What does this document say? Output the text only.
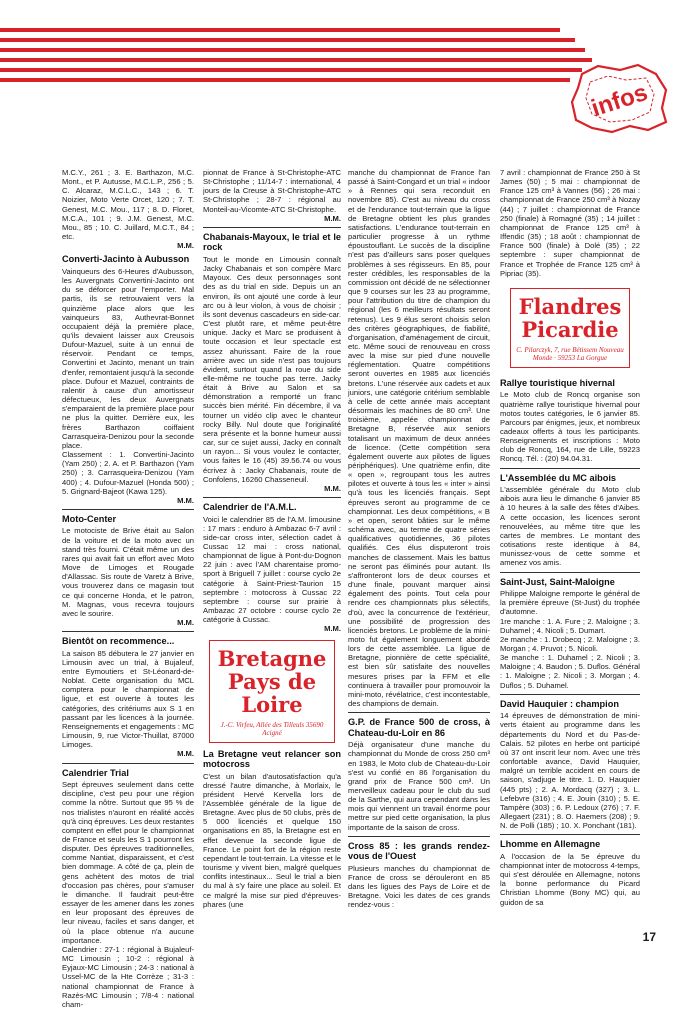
infos

M.C.Y., 261 ; 3. E. Barthazon, M.C. Mont., et P. Autusse, M.C.L.P., 256 ; 5. C. Alcaraz, M.C.L.C., 143 ; 6. T. Noizier, Moto Verte Orcet, 120 ; 7. T. Genest, M.C. Mou., 117 ; 8. D. Floret, M.C.A., 101 ; 9. J.M. Genest, M.C. Mou., 85 ; 10. C. Juillard, M.C.T., 84 ; etc.

M.M.
Converti-Jacinto à Aubusson

Vainqueurs des 6-Heures d'Aubusson, les Auvergnats Convertini-Jacinto ont du se déforcer pour l'emporter. Mal partis, ils se retrouvaient vers la quinzième place alors que les vainqueurs 83, Authevrat-Bonnet occupaient déjà la première place, qu'ils devaient laisser aux Creusois Dufour-Mazuel, suite à un ennui de réservoir. Pendant ce temps, Convertini et Jacinto, menant un train d'enfer, remontaient jusqu'à la seconde place. Dufour et Mazuel, contraints de ralentir à cause d'un amortisseur défectueux, les deux Auvergnats s'emparaient de la première place pour ne plus la quitter. Derrière eux, les frères Barthazon coiffaient Carrasqueira-Denizou pour la seconde place.

Classement : 1. Convertini-Jacinto (Yam 250) ; 2. A. et P. Barthazon (Yam 250) ; 3. Carrasqueira-Denizou (Yam 400) ; 4. Dufour-Mazuel (Honda 500) ; 5. Grignard-Bajeot (Kawa 125).

M.M.
Moto-Center

Le motociste de Brive était au Salon de la voiture et de la moto avec un stand très fourni. C'était même un des rares qui avait fait un effort avec Moto Move de Limoges et Rougade d'Allassac. Sis route de Varetz à Brive, vous trouverez dans ce magasin tout ce qui concerne Honda, et le patron, M. Magnas, vous recevra toujours avec le sourire.

M.M.
Bientôt on recommence...

La saison 85 débutera le 27 janvier en Limousin avec un trial, à Bujaleuf, entre Eymoutiers et St-Léonard-de-Noblat. Cette organisation du MCL comptera pour le championnat de ligue, et est ouverte à toutes les catégories, des critériums aux S 1 en passant par les licences à la journée. Renseignements et engagements : MC Limousin, 9, rue Victor-Thuillat, 87000 Limoges.

M.M.
Calendrier Trial

Sept épreuves seulement dans cette discipline, c'est peu pour une région comme la nôtre. Surtout que 95 % de nos trialistes n'auront en réalité accès qu'à cinq épreuves. Les deux restantes comptent en effet pour le championnat de France et seuls les S 1 pourront les disputer. Des épreuves traditionnelles, comme Nantiat, disparaissent, et c'est bien dommage. A côté de ça, plein de gens achètent des motos de trial d'occasion pas chères, pour s'amuser le dimanche. Il faudrait peut-être essayer de les amener dans les zones en leur proposant des épreuves de leur niveau, faciles et sans danger, et où la place obtenue n'a aucune importance.

Calendrier : 27-1 : régional à Bujaleuf-MC Limousin ; 10-2 : régional à Eyjaux-MC Limousin ; 24-3 : national à Ussel-MC de la Hte Corrèze ; 31-3 : national championnat de France à Razès-MC Limousin ; 7/8-4 : national cham-

pionnat de France à St-Christophe-ATC St-Christophe ; 11/14-7 : international, 4 jours de la Creuse à St-Christophe-ATC St-Christophe ; 28-7 : régional au Monteil-au-Vicomte-ATC St-Christophe.

M.M.
Chabanais-Mayoux, le trial et le rock

Tout le monde en Limousin connaît Jacky Chabanais et son compère Marc Mayoux. Ces deux personnages sont des as du trial en side. Depuis un an environ, ils ont ajouté une corde à leur arc ou à leur violon, à vous de choisir ; ils sont devenus cascadeurs en side-car. C'est plutôt rare, et même peut-être unique. Jacky et Marc se produisent à toute occasion et leur spectacle est assez ahurissant. Faire de la roue arrière avec un side n'est pas toujours évident, surtout quand la roue du side elle-même ne touche pas terre. Jacky était à Brive au Salon et sa démonstration a remporté un franc succès bien mérité. Fin décembre, il va tourner un vidéo clip avec le chanteur rocky Billy. Nul doute que l'originalité sera présente et la bonne humeur aussi car, sur ce sujet aussi, Jacky en connaît un rayon... Si vous voulez le contacter, vous faites le 16 (45) 39.56.74 ou vous écrivez à : Jacky Chabanais, route de Confolens, 16260 Chasseneuil.

M.M.
Calendrier de l'A.M.L.

Voici le calendrier 85 de l'A.M. limousine : 17 mars : enduro à Ambazac 6-7 avril : side-car cross inter, sélection cadet à Cussac 12 mai : cross national, championnat de ligue à Pont-du-Dognon 22 juin : avec l'AM charentaise promo-sport à Briguell 7 juillet : course cycło 2e catégorie à Saint-Priest-Taurion 15 septembre : motocross à Cussac 22 septembre : course sur prairie à Ambazac 27 octobre : course cyclo 2e catégorie à Cussac.

M.M.
Bretagne Pays de Loire
J.-C. Virfeu, Allée des Tilleuls 35690 Acigné
La Bretagne veut relancer son motocross

C'est un bilan d'autosatisfaction qu'a dressé l'autre dimanche, à Morlaix, le président Hervé Kervella lors de l'Assemblée générale de la ligue de Bretagne. Avec plus de 50 clubs, près de 5 000 licenciés et quelque 150 organisations en 85, la Bretagne est en effet devenue la seconde ligue de France. Le point fort de la région reste cependant le tout-terrain. La vitesse et le tourisme y vivent bien, malgré quelques conflits intestinaux... Seul le trial a bien du mal à s'y faire une place au soleil. Et ce malgré la mise sur pied d'épreuves-phares (une

manche du championnat de France l'an passé à Saint-Congard et un trial « indoor » à Rennes qui sera reconduit en novembre 85). C'est au niveau du cross et de l'endurance tout-terrain que la ligue de Bretagne obtient les plus grandes satisfactions. L'endurance tout-terrain en particulier progresse à un rythme époustouflant. Le succès de la discipline n'est pas d'ailleurs sans poser quelques problèmes à ses régisseurs. En 85, pour rester crédibles, les responsables de la commission ont décidé de ne sélectionner que 9 courses sur les 23 au programme, pour l'attribution du titre de champion du régional (les 6 meilleurs résultats seront retenus). Les 9 élus seront choisis selon des critères géographiques, de fiabilité, d'organisation, d'aménagement de circuit, etc. Même souci de renouveau en cross avec la mise sur pied d'une nouvelle réglementation. Quatre compétitions seront ouvertes en 1985 aux licenciés bretons. L'une réservée aux cadets et aux juniors, une catégorie critérium semblable à celle de cette année mais acceptant désormais les machines de 80 cm³. Une troisième, appelée championnat de Bretagne B, réservée aux seniors totalisant un maximum de deux années de licence. (Cette compétition sera également ouverte aux pilotes de ligues périphériques). Une quatrième enfin, dite « open », regroupant tous les autres pilotes et ouverte à tous les « inter » ainsi qu'à tous les licenciés français. Sept épreuves seront au programme de ce championnat. Les deux compétitions, « B » et open, seront bâties sur le même schéma avec, au terme de quatre séries qualificatives quotidiennes, 36 pilotes qualifiés. Ces élus disputeront trois manches de classement. Mais les battus ne seront pas éliminés pour autant. Ils s'affronteront lors de deux courses et d'une finale, pouvant marquer ainsi également des points. Tout cela pour rendre ces championnats plus sélectifs, d'où, avec la concurrence de l'extérieur, une possibilité de progression des licenciés bretons. Le problème de la mini-moto fut également longuement abordé lors de cette assemblée. La ligue de Bretagne, pionnière de cette spécialité, est bien sûr satisfaite des nouvelles mesures prises par la FFM et elle continuera à travailler pour promouvoir la mini-moto, révélatrice, c'est incontestable, des champions de demain.

G.P. de France 500 de cross, à Chateau-du-Loir en 86

Déjà organisateur d'une manche du championnat du Monde de cross 250 cm³ en 1983, le Moto club de Chateau-du-Loir s'est vu confié en 86 l'organisation du grand prix de France 500 cm³. Un merveilleux cadeau pour le club du sud de la Sarthe, qui aura cependant dans les mois qui viennent un travail énorme pour mettre sur pied cette organisation, la plus importante de la saison de cross.

Cross 85 : les grands rendez-vous de l'Ouest

Plusieurs manches du championnat de France de cross se dérouleront en 85 dans les ligues des Pays de Loire et de Bretagne. Voici les dates de ces grands rendez-vous :

7 avril : championnat de France 250 à St James (50) ; 5 mai : championnat de France 125 cm³ à Vannes (56) ; 26 mai : championnat de France 250 cm³ à Nozay (44) ; 7 juillet : championnat de France 250 (finale) à Romagné (35) ; 14 juillet : championnat de France 125 cm³ à Iffendic (35) ; 18 août : championnat de France 500 (finale) à Dolé (35) ; 22 septembre : super championnat de France et Trophée de France 125 cm³ à Pipriac (35).

Flandres Picardie
C. Pilarczyk, 7, rue Bétissem Nouveau Monde · 59253 La Gorgue
Rallye touristique hivernal

Le Moto club de Roncq organise son quatrième rallye touristique hivernal pour motos toutes catégories, le 6 janvier 85. Parcours par énigmes, jeux, et nombreux cadeaux offerts à tous les participants. Renseignements et inscriptions : Moto club de Roncq, 164, rue de Lille, 59223 Roncq. Tél. : (20) 94.04.31.

L'Assemblée du MC aibois

L'assemblée générale du Moto club aibois aura lieu le dimanche 6 janvier 85 à 10 heures à la salle des fêtes d'Aibes. A cette occasion, les licences seront renouvelées, au même titre que les cartes de membres. Le montant des cotisations reste identique à 84, munissez-vous de cette somme et amenez vos amis.

Saint-Just, Saint-Maloigne

Philippe Maloigne remporte le général de la première épreuve (St-Just) du trophée d'automne.

1re manche : 1. A. Fure ; 2. Maloigne ; 3. Duhamel ; 4. Nicoli ; 5. Dumart.

2e manche : 1. Drobecq ; 2. Maloigne ; 3. Morgan ; 4. Pruvot ; 5. Nicoli.

3e manche : 1. Duhamel ; 2. Nicoli ; 3. Maloigne ; 4. Baudon ; 5. Duflos. Général : 1. Maloigne ; 2. Nicoli ; 3. Morgan ; 4. Duflos ; 5. Duhamel.

David Hauquier : champion

14 épreuves de démonstration de mini-verts étaient au programme dans les départements du Nord et du Pas-de-Calais. 52 pilotes en herbe ont participé où 37 ont inscrit leur nom. Avec une très confortable avance, David Hauquier, malgré un terrible accident en cours de saison, s'adjuge le titre. 1. D. Hauquier (445 pts) ; 2. A. Mordacq (327) ; 3. L. Lefebvre (316) ; 4. E. Jouin (310) ; 5. E. Tampère (303) ; 6. P. Ledoux (276) ; 7. F. Allegaert (231) ; 8. O. Haemers (208) ; 9. N. de Polli (185) ; 10. X. Ponchant (181).

Lhomme en Allemagne

A l'occasion de la 5e épreuve du championnat inter de motocross 4-temps, qui s'est déroulée en Allemagne, notons la bonne performance du Picard Christian Lhomme (Bony MC) qui, au guidon de sa

17
